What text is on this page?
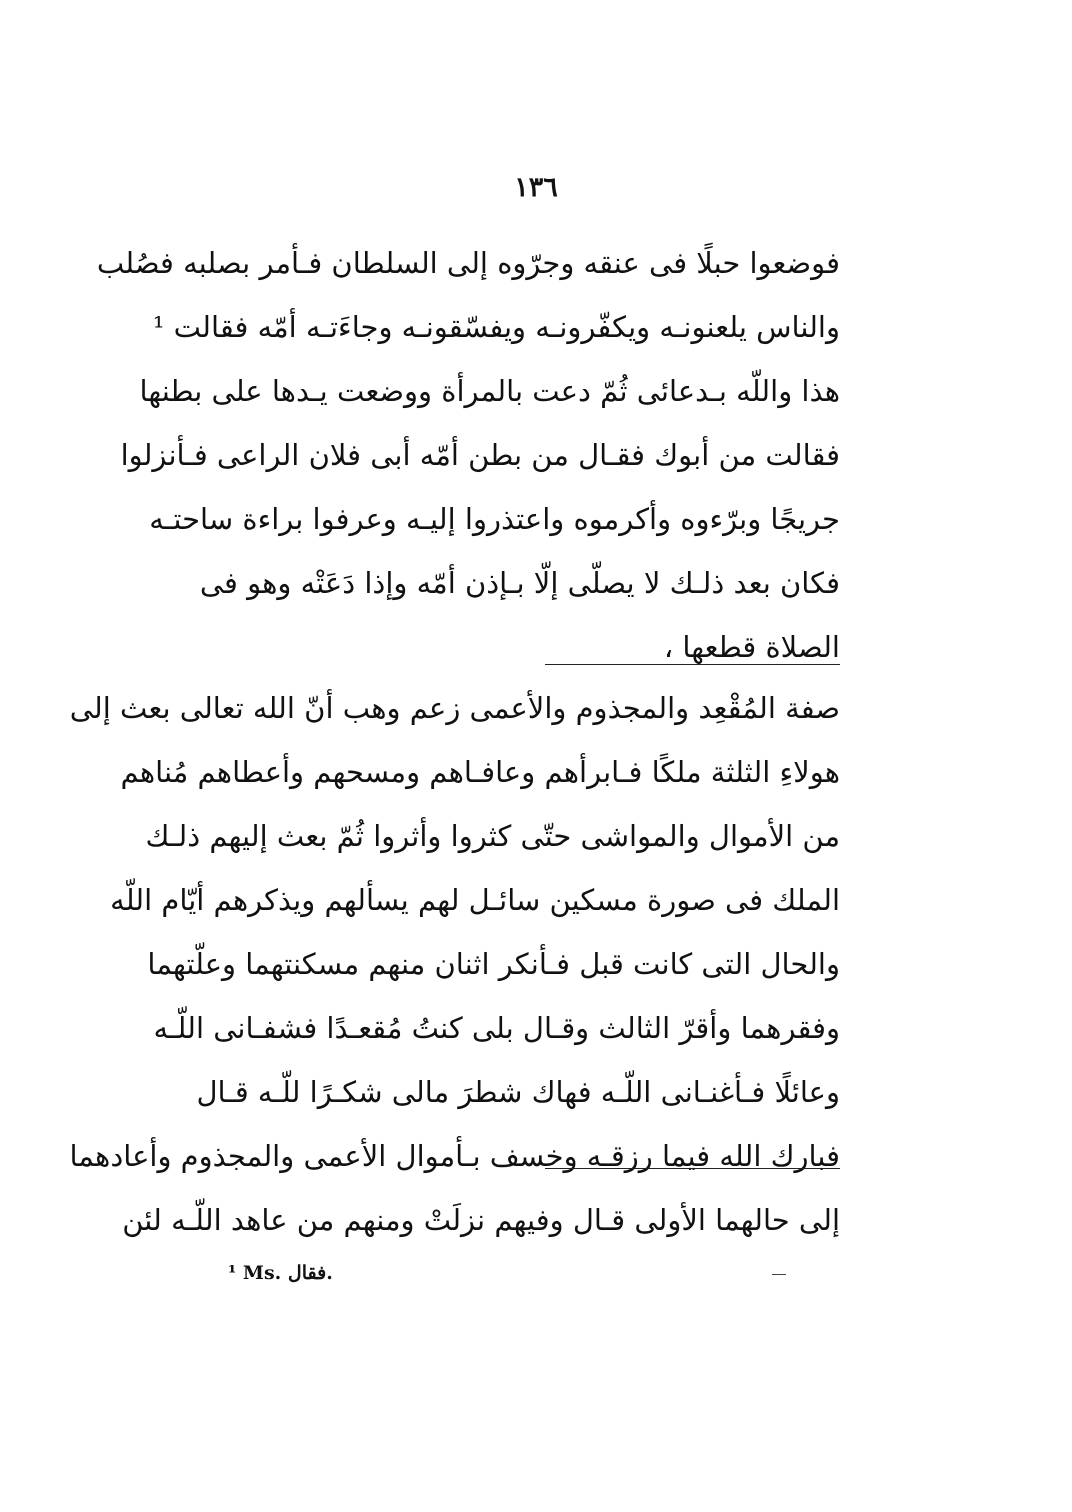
١٣٦
فوضعوا حبلًا فى عنقه وجرّوه إلى السلطان فـأمر بصلبه فصُلب
والناس يلعنونـه ويكفّرونـه ويفسّقونـه وجاءَتـه أمّه فقالت ¹
هذا واللّه بـدعائى ثُمّ دعت بالمرأة ووضعت يـدها على بطنها
فقالت من أبوك فقـال من بطن أمّه أبى فلان الراعى فـأنزلوا
جريجًا وبرّءوه وأكرموه واعتذروا إليـه وعرفوا براءة ساحتـه
فكان بعد ذلـك لا يصلّى إلّا بـإذن أمّه وإذا دَعَتْه وهو فى
الصلاة قطعها ،
صفة المُقْعِد والمجذوم والأعمى زعم وهب أنّ الله تعالى بعث إلى
هولاءِ الثلثة ملكًا فـابرأهم وعافـاهم ومسحهم وأعطاهم مُناهم
من الأموال والمواشى حتّى كثروا وأثروا ثُمّ بعث إليهم ذلـك
الملك فى صورة مسكين سائـل لهم يسألهم ويذكرهم أيّام اللّه
والحال التى كانت قبل فـأنكر اثنان منهم مسكنتهما وعلّتهما
وفقرهما وأقرّ الثالث وقـال بلى كنتُ مُقعـدًا فشفـانى اللّـه
وعائلًا فـأغنـانى اللّـه فهاك شطرَ مالى شكـرًا للّـه قـال
فبارك الله فيما رزقـه وخسف بـأموال الأعمى والمجذوم وأعادهما
إلى حالهما الأولى قـال وفيهم نزلَتْ ومنهم من عاهد اللّـه لئن
¹ Ms. فقال.
